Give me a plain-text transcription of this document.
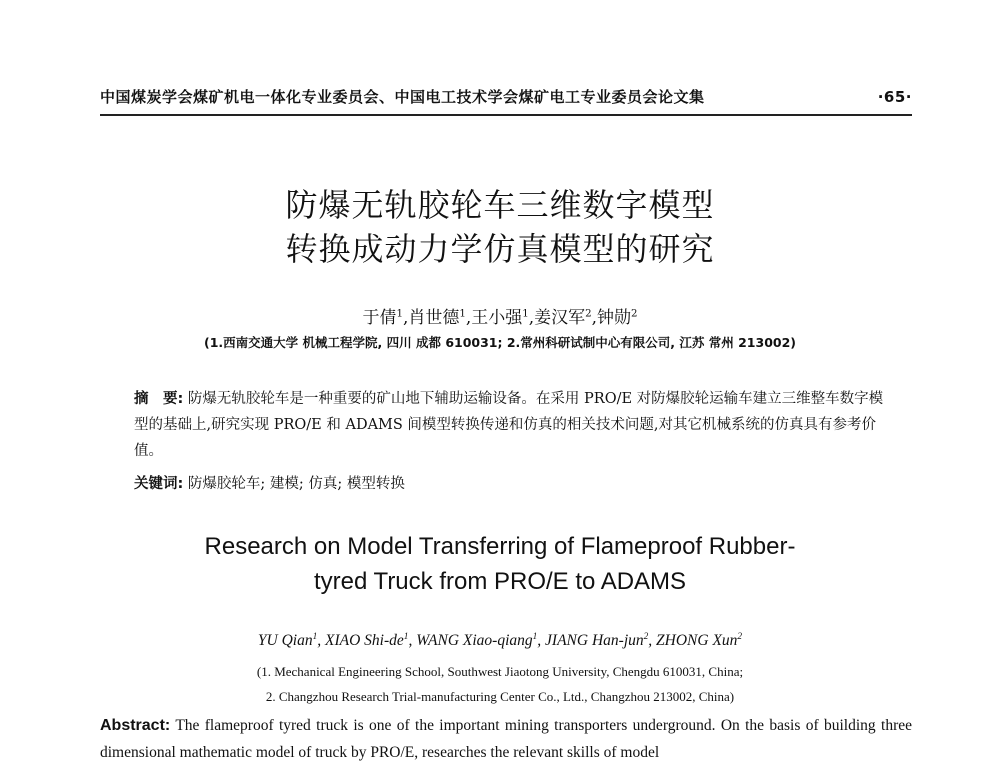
中国煤炭学会煤矿机电一体化专业委员会、中国电工技术学会煤矿电工专业委员会论文集	·65·
防爆无轨胶轮车三维数字模型
转换成动力学仿真模型的研究
于倩$^1$,肖世德$^1$,王小强$^1$,姜汉军$^2$,钟勋$^2$
(1.西南交通大学 机械工程学院, 四川 成都 610031; 2.常州科研试制中心有限公司, 江苏 常州 213002)
摘　要: 防爆无轨胶轮车是一种重要的矿山地下辅助运输设备。在采用 PRO/E 对防爆胶轮运输车建立三维整车数字模型的基础上,研究实现 PRO/E 和 ADAMS 间模型转换传递和仿真的相关技术问题,对其它机械系统的仿真具有参考价值。
关键词: 防爆胶轮车; 建模; 仿真; 模型转换
Research on Model Transferring of Flameproof Rubber-
tyred Truck from PRO/E to ADAMS
YU Qian$^1$, XIAO Shi-$de^1$, WANG Xiao-qiang$^1$, JIANG Han-jun$^2$, ZHONG Xun$^2$
(1. Mechanical Engineering School, Southwest Jiaotong University, Chengdu 610031, China;
2. Changzhou Research Trial-manufacturing Center Co., Ltd., Changzhou 213002, China)
Abstract: The flameproof tyred truck is one of the important mining transporters underground. On the basis of building three dimensional mathematic model of truck by PRO/E, researches the relevant skills of model
